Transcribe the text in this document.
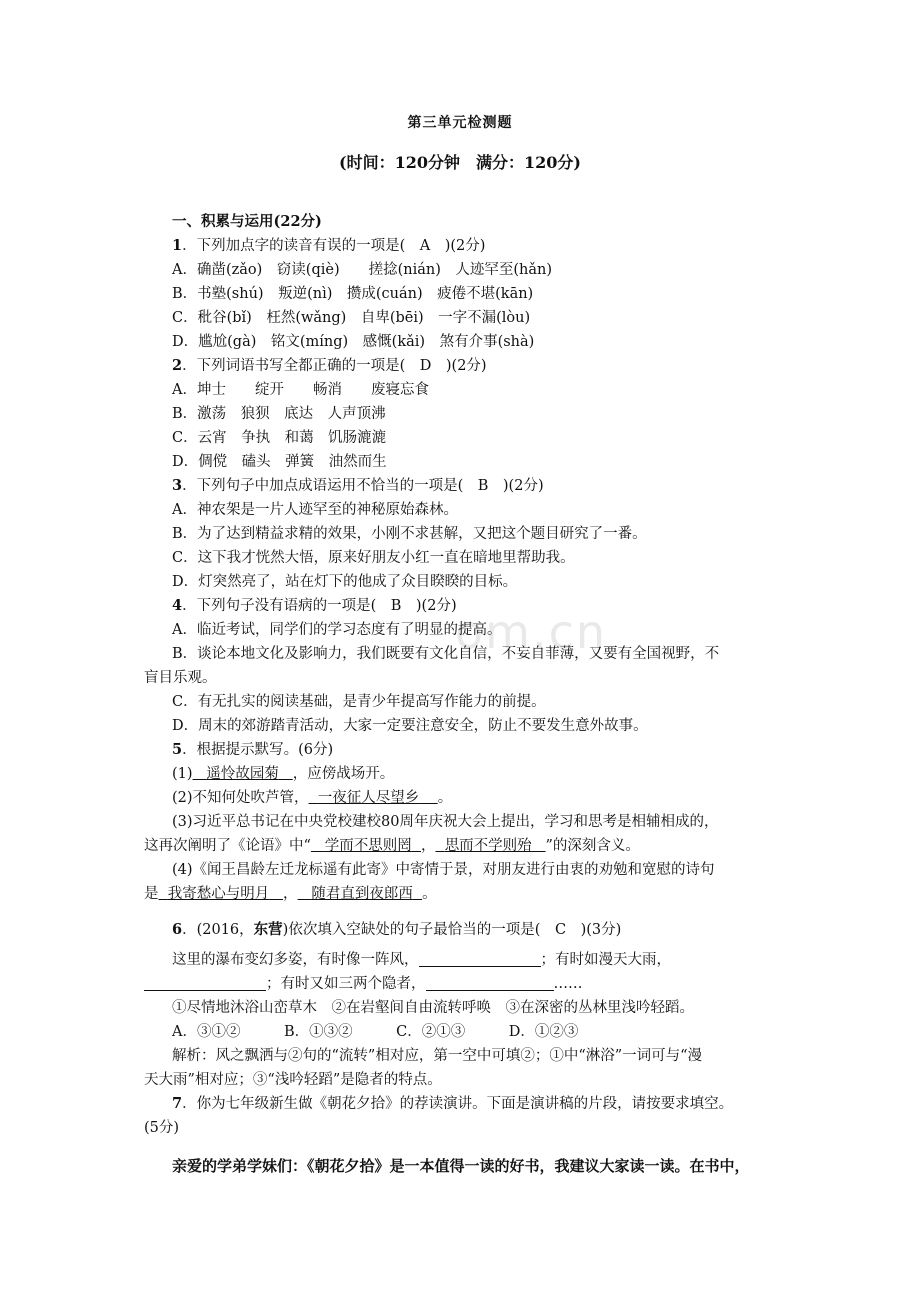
om.cn
第三单元检测题
(时间：120分钟　满分：120分)
一、积累与运用(22分)
1．下列加点字的读音有误的一项是(　A　)(2分)
A．确凿(zǎo)　窃读(qiè)　　搓捻(nián)　人迹罕至(hǎn)
B．书塾(shú)　叛逆(nì)　攒成(cuán)　疲倦不堪(kān)
C．秕谷(bǐ)　枉然(wǎng)　自卑(bēi)　一字不漏(lòu)
D．尴尬(gà)　铭文(míng)　感慨(kǎi)　煞有介事(shà)
2．下列词语书写全都正确的一项是(　D　)(2分)
A．坤士　　绽开　　畅消　　废寝忘食
B．激荡　狼狈　底达　人声顶沸
C．云宵　争执　和蔼　饥肠漉漉
D．倜傥　磕头　弹簧　油然而生
3．下列句子中加点成语运用不恰当的一项是(　B　)(2分)
A．神农架是一片人迹罕至的神秘原始森林。
B．为了达到精益求精的效果，小刚不求甚解，又把这个题目研究了一番。
C．这下我才恍然大悟，原来好朋友小红一直在暗地里帮助我。
D．灯突然亮了，站在灯下的他成了众目睽睽的目标。
4．下列句子没有语病的一项是(　B　)(2分)
A．临近考试，同学们的学习态度有了明显的提高。
B．谈论本地文化及影响力，我们既要有文化自信，不妄自菲薄，又要有全国视野，不
盲目乐观。
C．有无扎实的阅读基础，是青少年提高写作能力的前提。
D．周末的郊游踏青活动，大家一定要注意安全，防止不要发生意外故事。
5．根据提示默写。(6分)
(1) 遥怜故园菊 ，应傍战场开。
(2)不知何处吹芦管， 一夜征人尽望乡 。
(3)习近平总书记在中央党校建校80周年庆祝大会上提出，学习和思考是相辅相成的，
这再次阐明了《论语》中“ 学而不思则罔 ， 思而不学则殆 ”的深刻含义。
(4)《闻王昌龄左迁龙标遥有此寄》中寄情于景，对朋友进行由衷的劝勉和宽慰的诗句
是 我寄愁心与明月 ， 随君直到夜郎西 。
6．(2016，东营)依次填入空缺处的句子最恰当的一项是(　C　)(3分)
这里的瀑布变幻多姿，有时像一阵风，	；有时如漫天大雨，
；有时又如三两个隐者，	……
①尽情地沐浴山峦草木　②在岩壑间自由流转呼唤　③在深密的丛林里浅吟轻蹈。
A．③①②　　　B．①③②　　　C．②①③　　　D．①②③
解析：风之飘洒与②句的“流转”相对应，第一空中可填②；①中“淋浴”一词可与“漫
天大雨”相对应；③“浅吟轻蹈”是隐者的特点。
7．你为七年级新生做《朝花夕拾》的荐读演讲。下面是演讲稿的片段，请按要求填空。
(5分)
亲爱的学弟学妹们：《朝花夕拾》是一本值得一读的好书，我建议大家读一读。在书中，
